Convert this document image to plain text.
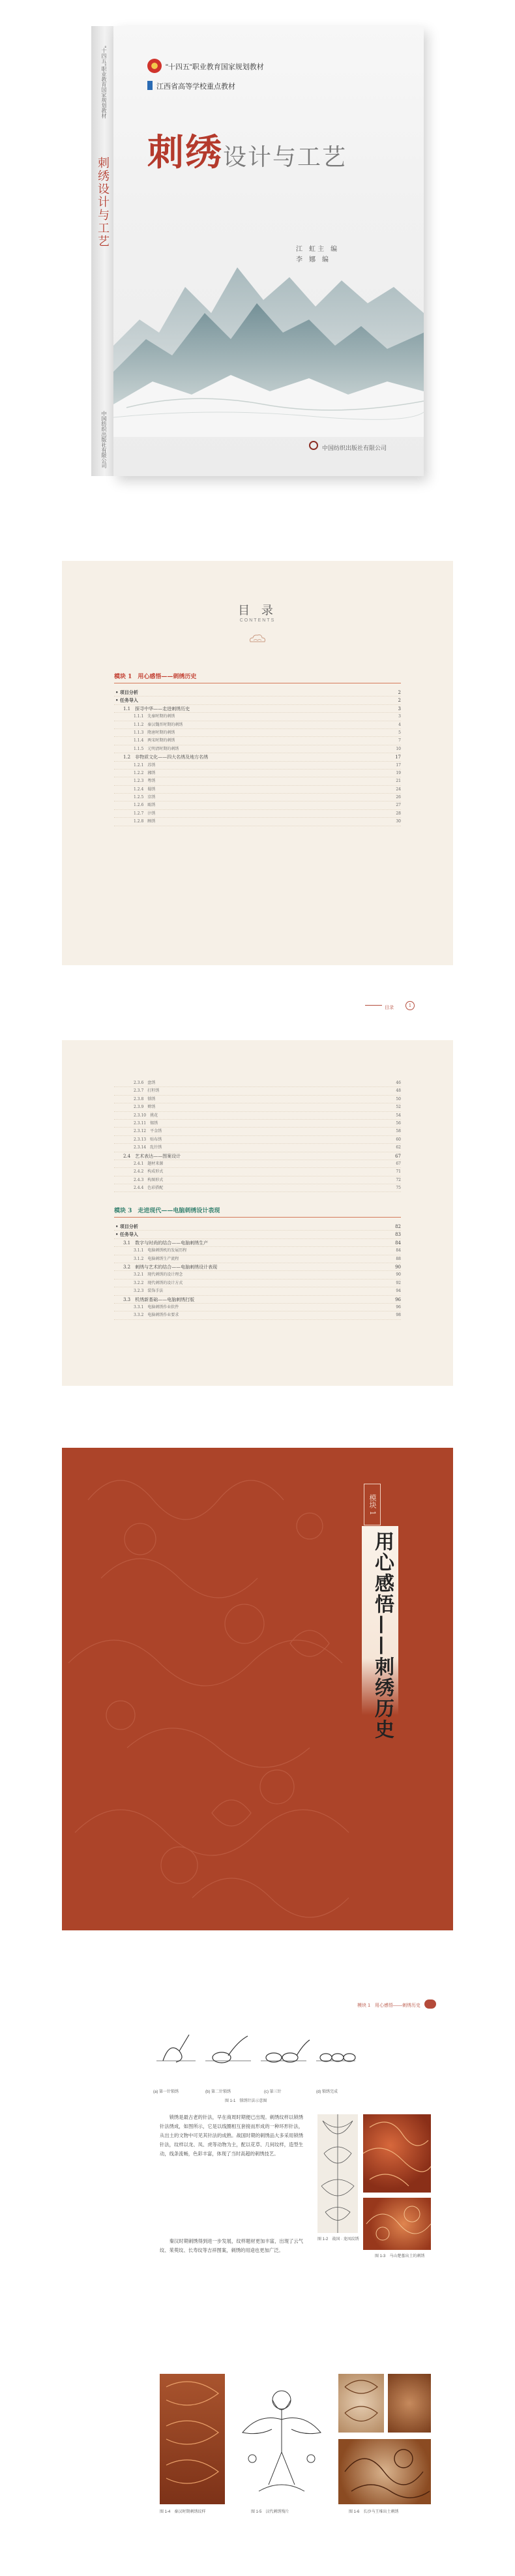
"十四五"职业教育国家规划教材
刺绣设计与工艺
中国纺织出版社有限公司
"十四五"职业教育国家规划教材
江西省高等学校重点教材
刺绣设计与工艺
江　虹 主　编
李　娜　编
中国纺织出版社有限公司
目 录
CONTENTS
模块 1　用心感悟——刺绣历史
• 项目分析	2
• 任务导入	2
1.1　探寻中华——走进刺绣历史	3
1.1.1　先秦时期的刺绣	3
1.1.2　秦汉魏晋时期的刺绣	4
1.1.3　隋唐时期的刺绣	5
1.1.4　两宋时期的刺绣	7
1.1.5　元明清时期的刺绣	10
1.2　非物质文化——四大名绣及地方名绣	17
1.2.1　苏绣	17
1.2.2　湘绣	19
1.2.3　粤绣	21
1.2.4　蜀绣	24
1.2.5　京绣	26
1.2.6　瓯绣	27
1.2.7　汴绣	28
1.2.8　顾绣	30
目录	1
2.3.6　盘绣	46
2.3.7　打籽绣	48
2.3.8　锁绣	50
2.3.9　辫绣	52
2.3.10　挑花	54
2.3.11　锡绣	56
2.3.12　平金绣	58
2.3.13　贴布绣	60
2.3.14　乱针绣	62
2.4　艺术表达——图案设计	67
2.4.1　题材来源	67
2.4.2　构成形式	71
2.4.3　构图形式	72
2.4.4　色彩搭配	75
模块 3　走进现代——电脑刺绣设计表现
• 项目分析	82
• 任务导入	83
3.1　数字与时尚的结合——电脑刺绣生产	84
3.1.1　电脑刺绣机的发展历程	84
3.1.2　电脑刺绣生产流程	88
3.2　刺绣与艺术的结合——电脑刺绣设计表现	90
3.2.1　现代刺绣的设计理念	90
3.2.2　现代刺绣的设计方式	92
3.2.3　装饰手法	94
3.3　机绣新基础——电脑刺绣打版	96
3.3.1　电脑刺绣作业软件	96
3.3.2　电脑刺绣作业要求	98
模块 1
用心感悟——刺绣历史
模块 1　用心感悟——刺绣历史
(a) 第一针锁绣	(b) 第二针锁绣	(c) 第三针	(d) 锁绣完成
图 1-1　锁绣针法示意图
锁绣是最古老的针法，早在商周时期便已出现。刺绣纹样以锁绣针法绣成，如图所示，它是以线圈相互套接而形成的一种环形针法，从出土的文物中可见其针法的成熟。战国时期的刺绣品大多采用锁绣针法，纹样以龙、凤、虎等动物为主，配以花草、几何纹样，造型生动，线条流畅，色彩丰富，体现了当时高超的刺绣技艺。
秦汉时期刺绣得到进一步发展，纹样题材更加丰富，出现了云气纹、茱萸纹、长寿纹等吉祥图案，刺绣的用途也更加广泛。
图 1-2　战国 · 龙凤纹绣
图 1-3　马山楚墓出土的刺绣
图 1-4　秦汉时期刺绣纹样	图 1-5　汉代刺绣残片	图 1-6　长沙马王堆出土刺绣
